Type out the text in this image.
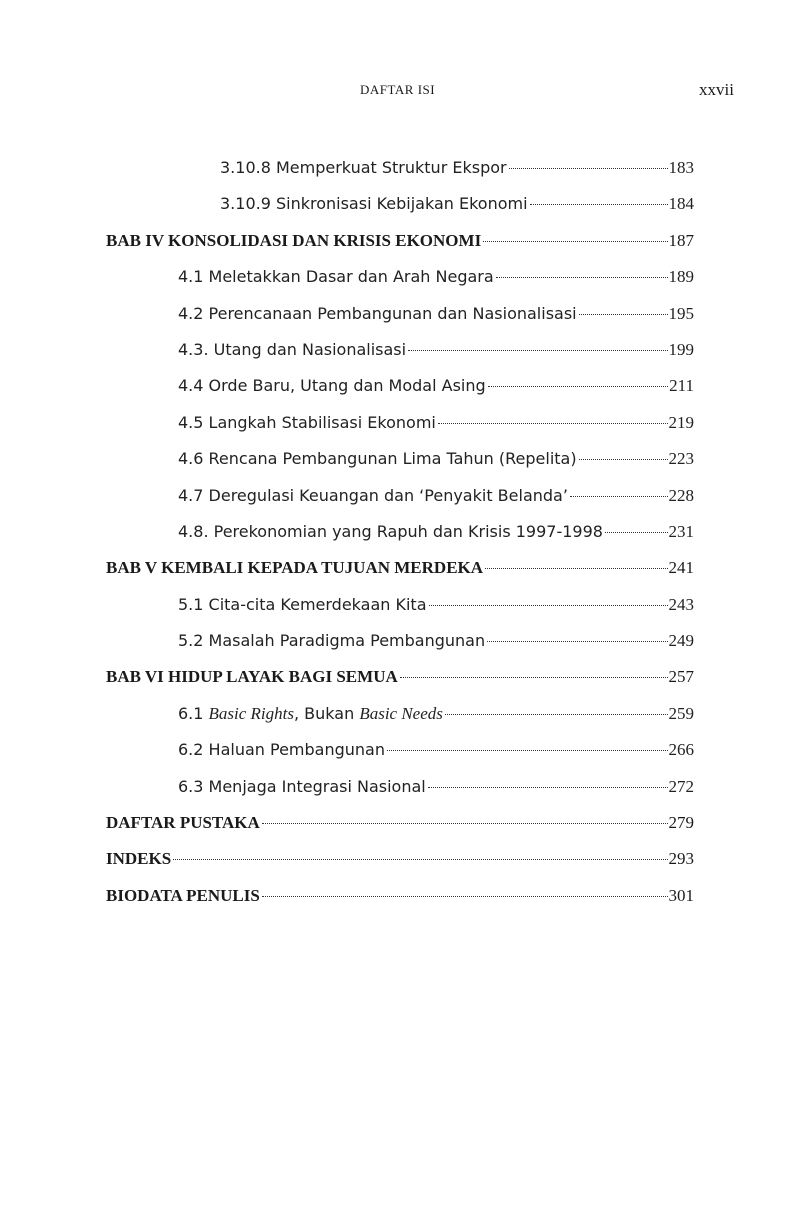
DAFTAR ISI	xxvii
3.10.8 Memperkuat Struktur Ekspor	183
3.10.9 Sinkronisasi Kebijakan Ekonomi	184
BAB IV KONSOLIDASI DAN KRISIS EKONOMI	187
4.1 Meletakkan Dasar dan Arah Negara	189
4.2 Perencanaan Pembangunan dan Nasionalisasi	195
4.3. Utang dan Nasionalisasi	199
4.4 Orde Baru, Utang dan Modal Asing	211
4.5 Langkah Stabilisasi Ekonomi	219
4.6 Rencana Pembangunan Lima Tahun (Repelita)	223
4.7 Deregulasi Keuangan dan ‘Penyakit Belanda’	228
4.8. Perekonomian yang Rapuh dan Krisis 1997-1998	231
BAB V KEMBALI KEPADA TUJUAN MERDEKA	241
5.1 Cita-cita Kemerdekaan Kita	243
5.2 Masalah Paradigma Pembangunan	249
BAB VI HIDUP LAYAK BAGI SEMUA	257
6.1 Basic Rights, Bukan Basic Needs	259
6.2 Haluan Pembangunan	266
6.3 Menjaga Integrasi Nasional	272
DAFTAR PUSTAKA	279
INDEKS	293
BIODATA PENULIS	301
